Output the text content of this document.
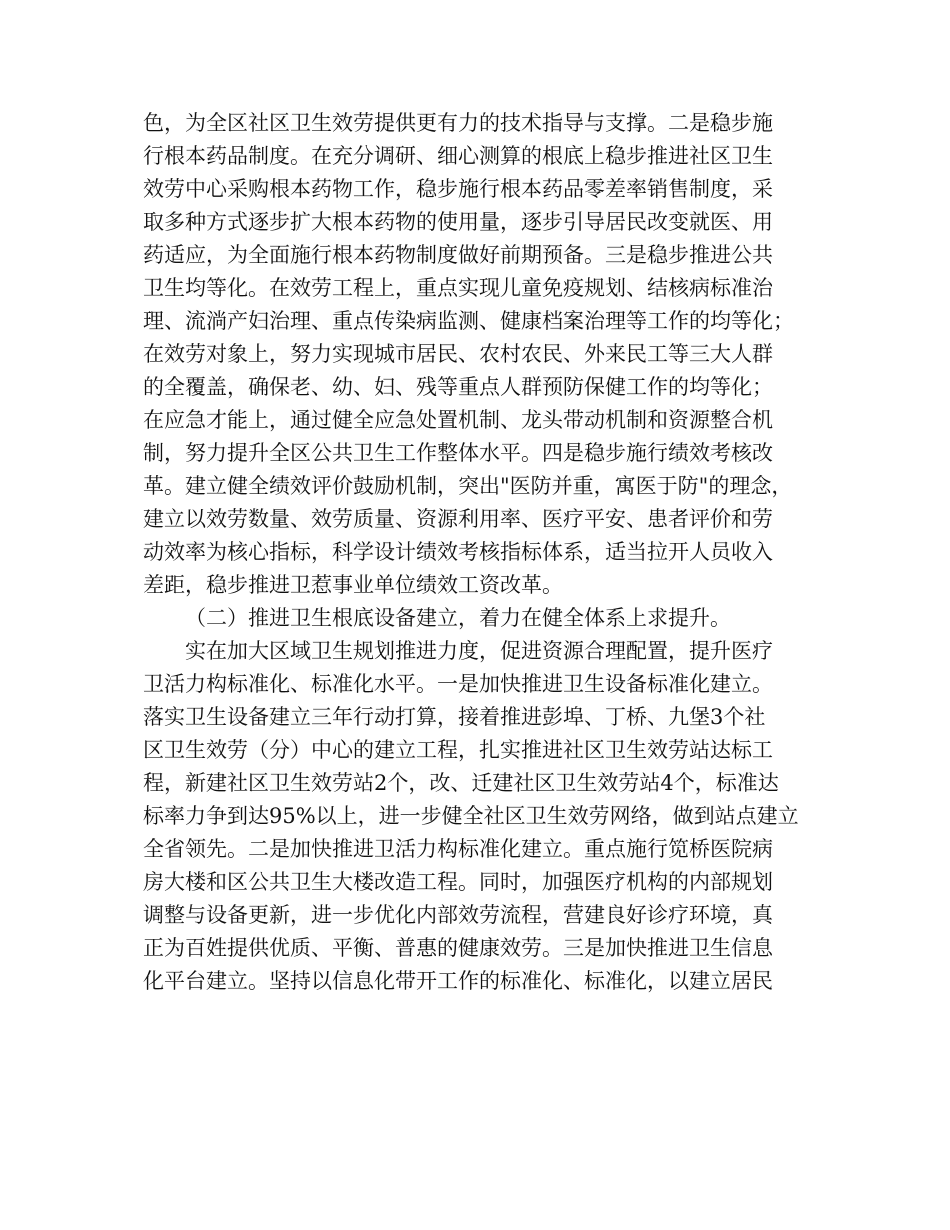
色，为全区社区卫生效劳提供更有力的技术指导与支撑。二是稳步施
行根本药品制度。在充分调研、细心测算的根底上稳步推进社区卫生
效劳中心采购根本药物工作，稳步施行根本药品零差率销售制度，采
取多种方式逐步扩大根本药物的使用量，逐步引导居民改变就医、用
药适应，为全面施行根本药物制度做好前期预备。三是稳步推进公共
卫生均等化。在效劳工程上，重点实现儿童免疫规划、结核病标准治
理、流淌产妇治理、重点传染病监测、健康档案治理等工作的均等化；
在效劳对象上，努力实现城市居民、农村农民、外来民工等三大人群
的全覆盖，确保老、幼、妇、残等重点人群预防保健工作的均等化；
在应急才能上，通过健全应急处置机制、龙头带动机制和资源整合机
制，努力提升全区公共卫生工作整体水平。四是稳步施行绩效考核改
革。建立健全绩效评价鼓励机制，突出"医防并重，寓医于防"的理念，
建立以效劳数量、效劳质量、资源利用率、医疗平安、患者评价和劳
动效率为核心指标，科学设计绩效考核指标体系，适当拉开人员收入
差距，稳步推进卫惹事业单位绩效工资改革。
（二）推进卫生根底设备建立，着力在健全体系上求提升。
实在加大区域卫生规划推进力度，促进资源合理配置，提升医疗
卫活力构标准化、标准化水平。一是加快推进卫生设备标准化建立。
落实卫生设备建立三年行动打算，接着推进彭埠、丁桥、九堡3个社
区卫生效劳（分）中心的建立工程，扎实推进社区卫生效劳站达标工
程，新建社区卫生效劳站2个，改、迁建社区卫生效劳站4个，标准达
标率力争到达95%以上，进一步健全社区卫生效劳网络，做到站点建立
全省领先。二是加快推进卫活力构标准化建立。重点施行笕桥医院病
房大楼和区公共卫生大楼改造工程。同时，加强医疗机构的内部规划
调整与设备更新，进一步优化内部效劳流程，营建良好诊疗环境，真
正为百姓提供优质、平衡、普惠的健康效劳。三是加快推进卫生信息
化平台建立。坚持以信息化带开工作的标准化、标准化，以建立居民
